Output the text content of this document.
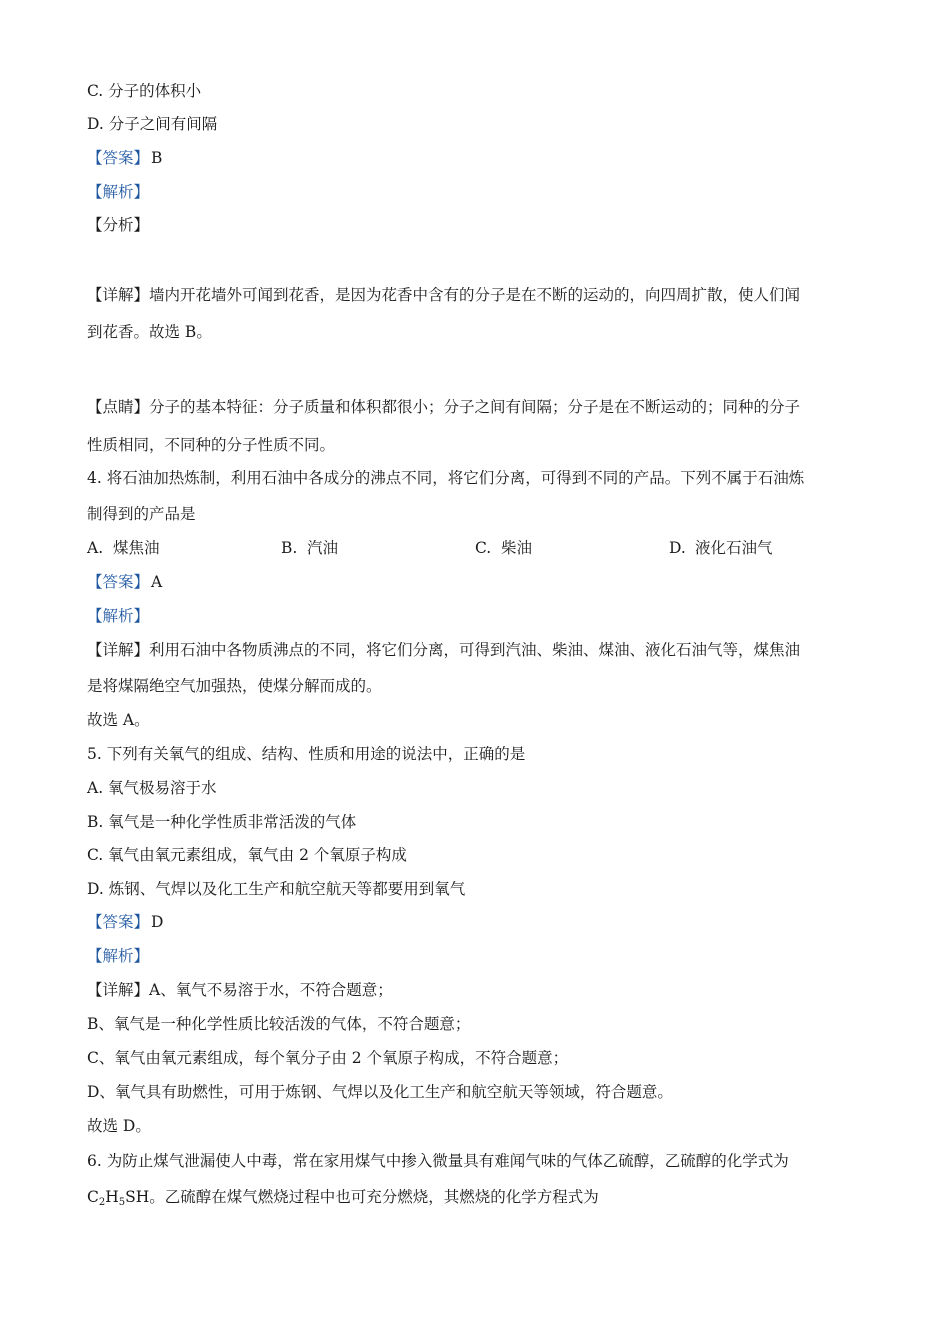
C. 分子的体积小
D. 分子之间有间隔
【答案】 B
【解析】
【分析】
【详解】墙内开花墙外可闻到花香，是因为花香中含有的分子是在不断的运动的，向四周扩散，使人们闻
到花香。故选 B。
【点睛】分子的基本特征：分子质量和体积都很小；分子之间有间隔；分子是在不断运动的；同种的分子
性质相同，不同种的分子性质不同。
4. 将石油加热炼制，利用石油中各成分的沸点不同，将它们分离，可得到不同的产品。下列不属于石油炼
制得到的产品是
A. 煤焦油	B. 汽油	C. 柴油	D. 液化石油气
【答案】 A
【解析】
【详解】利用石油中各物质沸点的不同，将它们分离，可得到汽油、柴油、煤油、液化石油气等，煤焦油
是将煤隔绝空气加强热，使煤分解而成的。
故选 A。
5. 下列有关氧气的组成、结构、性质和用途的说法中，正确的是
A. 氧气极易溶于水
B. 氧气是一种化学性质非常活泼的气体
C. 氧气由氧元素组成，氧气由 2 个氧原子构成
D. 炼钢、气焊以及化工生产和航空航天等都要用到氧气
【答案】 D
【解析】
【详解】A、氧气不易溶于水，不符合题意；
B、氧气是一种化学性质比较活泼的气体，不符合题意；
C、氧气由氧元素组成，每个氧分子由 2 个氧原子构成，不符合题意；
D、氧气具有助燃性，可用于炼钢、气焊以及化工生产和航空航天等领域，符合题意。
故选 D。
6. 为防止煤气泄漏使人中毒，常在家用煤气中掺入微量具有难闻气味的气体乙硫醇，乙硫醇的化学式为
$C_2H_5SH$。乙硫醇在煤气燃烧过程中也可充分燃烧，其燃烧的化学方程式为
